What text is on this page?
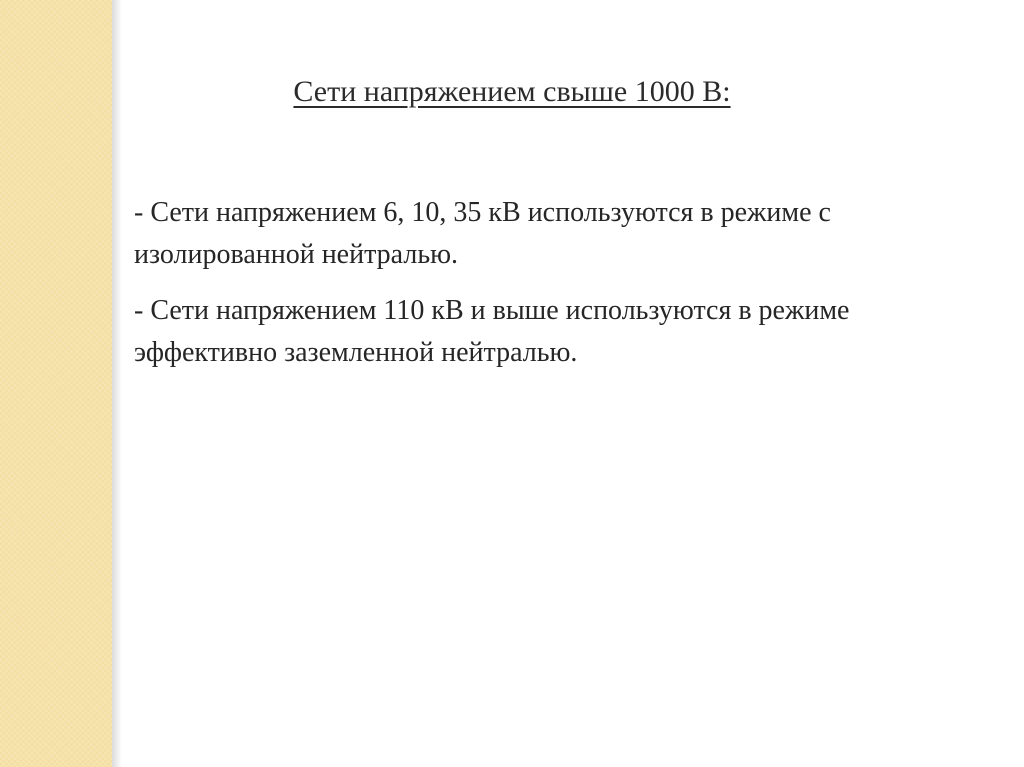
Сети напряжением свыше 1000 В:

- Сети напряжением 6, 10, 35 кВ используются в режиме с изолированной нейтралью.

- Сети напряжением 110 кВ и выше используются в режиме эффективно заземленной нейтралью.
